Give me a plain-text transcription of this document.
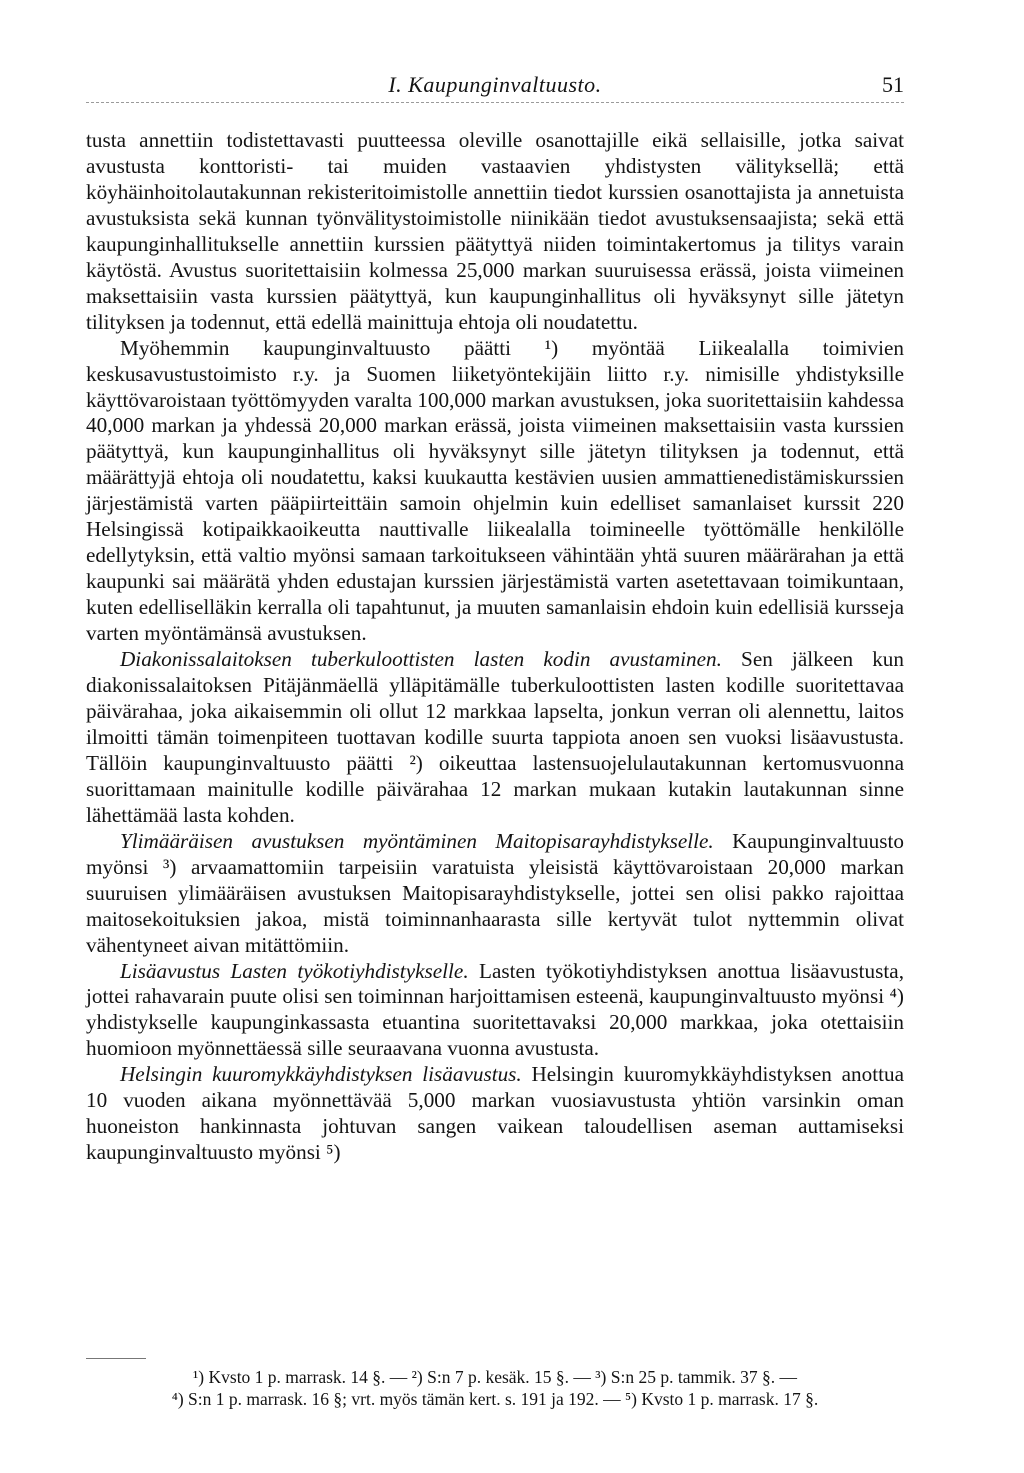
I. Kaupunginvaltuusto.	51

tusta annettiin todistettavasti puutteessa oleville osanottajille eikä sellaisille, jotka saivat avustusta konttoristi- tai muiden vastaavien yhdistysten välityksellä; että köyhäinhoitolautakunnan rekisteritoimistolle annettiin tiedot kurssien osanottajista ja annetuista avustuksista sekä kunnan työnvälitystoimistolle niinikään tiedot avustuksensaajista; sekä että kaupunginhallitukselle annettiin kurssien päätyttyä niiden toimintakertomus ja tilitys varain käytöstä. Avustus suoritettaisiin kolmessa 25,000 markan suuruisessa erässä, joista viimeinen maksettaisiin vasta kurssien päätyttyä, kun kaupunginhallitus oli hyväksynyt sille jätetyn tilityksen ja todennut, että edellä mainittuja ehtoja oli noudatettu.

Myöhemmin kaupunginvaltuusto päätti ¹) myöntää Liikealalla toimivien keskusavustustoimisto r.y. ja Suomen liiketyöntekijäin liitto r.y. nimisille yhdistyksille käyttövaroistaan työttömyyden varalta 100,000 markan avustuksen, joka suoritettaisiin kahdessa 40,000 markan ja yhdessä 20,000 markan erässä, joista viimeinen maksettaisiin vasta kurssien päätyttyä, kun kaupunginhallitus oli hyväksynyt sille jätetyn tilityksen ja todennut, että määrättyjä ehtoja oli noudatettu, kaksi kuukautta kestävien uusien ammattienedistämiskurssien järjestämistä varten pääpiirteittäin samoin ohjelmin kuin edelliset samanlaiset kurssit 220 Helsingissä kotipaikkaoikeutta nauttivalle liikealalla toimineelle työttömälle henkilölle edellytyksin, että valtio myönsi samaan tarkoitukseen vähintään yhtä suuren määrärahan ja että kaupunki sai määrätä yhden edustajan kurssien järjestämistä varten asetettavaan toimikuntaan, kuten edelliselläkin kerralla oli tapahtunut, ja muuten samanlaisin ehdoin kuin edellisiä kursseja varten myöntämänsä avustuksen.

Diakonissalaitoksen tuberkuloottisten lasten kodin avustaminen. Sen jälkeen kun diakonissalaitoksen Pitäjänmäellä ylläpitämälle tuberkuloottisten lasten kodille suoritettavaa päivärahaa, joka aikaisemmin oli ollut 12 markkaa lapselta, jonkun verran oli alennettu, laitos ilmoitti tämän toimenpiteen tuottavan kodille suurta tappiota anoen sen vuoksi lisäavustusta. Tällöin kaupunginvaltuusto päätti ²) oikeuttaa lastensuojelulautakunnan kertomusvuonna suorittamaan mainitulle kodille päivärahaa 12 markan mukaan kutakin lautakunnan sinne lähettämää lasta kohden.

Ylimääräisen avustuksen myöntäminen Maitopisarayhdistykselle. Kaupunginvaltuusto myönsi ³) arvaamattomiin tarpeisiin varatuista yleisistä käyttövaroistaan 20,000 markan suuruisen ylimääräisen avustuksen Maitopisarayhdistykselle, jottei sen olisi pakko rajoittaa maitosekoituksien jakoa, mistä toiminnanhaarasta sille kertyvät tulot nyttemmin olivat vähentyneet aivan mitättömiin.

Lisäavustus Lasten työkotiyhdistykselle. Lasten työkotiyhdistyksen anottua lisäavustusta, jottei rahavarain puute olisi sen toiminnan harjoittamisen esteenä, kaupunginvaltuusto myönsi ⁴) yhdistykselle kaupunginkassasta etuantina suoritettavaksi 20,000 markkaa, joka otettaisiin huomioon myönnettäessä sille seuraavana vuonna avustusta.

Helsingin kuuromykkäyhdistyksen lisäavustus. Helsingin kuuromykkäyhdistyksen anottua 10 vuoden aikana myönnettävää 5,000 markan vuosiavustusta yhtiön varsinkin oman huoneiston hankinnasta johtuvan sangen vaikean taloudellisen aseman auttamiseksi kaupunginvaltuusto myönsi ⁵)

¹) Kvsto 1 p. marrask. 14 §. — ²) S:n 7 p. kesäk. 15 §. — ³) S:n 25 p. tammik. 37 §. —
⁴) S:n 1 p. marrask. 16 §; vrt. myös tämän kert. s. 191 ja 192. — ⁵) Kvsto 1 p. marrask. 17 §.
